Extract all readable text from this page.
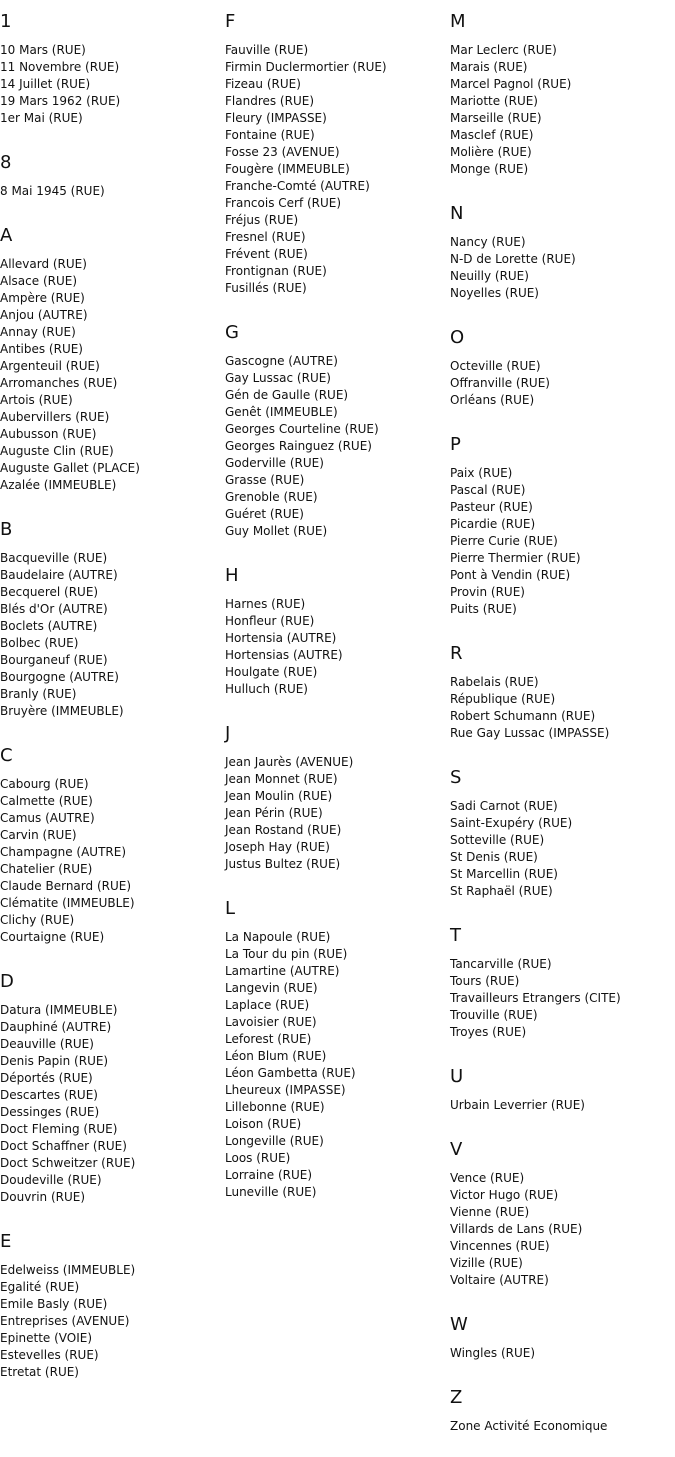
1
10 Mars (RUE)
11 Novembre (RUE)
14 Juillet (RUE)
19 Mars 1962 (RUE)
1er Mai (RUE)
8
8 Mai 1945 (RUE)
A
Allevard (RUE)
Alsace (RUE)
Ampère (RUE)
Anjou (AUTRE)
Annay (RUE)
Antibes (RUE)
Argenteuil (RUE)
Arromanches (RUE)
Artois (RUE)
Aubervillers (RUE)
Aubusson (RUE)
Auguste Clin (RUE)
Auguste Gallet (PLACE)
Azalée (IMMEUBLE)
B
Bacqueville (RUE)
Baudelaire (AUTRE)
Becquerel (RUE)
Blés d'Or (AUTRE)
Boclets (AUTRE)
Bolbec (RUE)
Bourganeuf (RUE)
Bourgogne (AUTRE)
Branly (RUE)
Bruyère (IMMEUBLE)
C
Cabourg (RUE)
Calmette (RUE)
Camus (AUTRE)
Carvin (RUE)
Champagne (AUTRE)
Chatelier (RUE)
Claude Bernard (RUE)
Clématite (IMMEUBLE)
Clichy (RUE)
Courtaigne (RUE)
D
Datura (IMMEUBLE)
Dauphiné (AUTRE)
Deauville (RUE)
Denis Papin (RUE)
Déportés (RUE)
Descartes (RUE)
Dessinges (RUE)
Doct Fleming (RUE)
Doct Schaffner (RUE)
Doct Schweitzer (RUE)
Doudeville (RUE)
Douvrin (RUE)
E
Edelweiss (IMMEUBLE)
Egalité (RUE)
Emile Basly (RUE)
Entreprises (AVENUE)
Epinette (VOIE)
Estevelles (RUE)
Etretat (RUE)
F
Fauville (RUE)
Firmin Duclermortier (RUE)
Fizeau (RUE)
Flandres (RUE)
Fleury (IMPASSE)
Fontaine (RUE)
Fosse 23 (AVENUE)
Fougère (IMMEUBLE)
Franche-Comté (AUTRE)
Francois Cerf (RUE)
Fréjus (RUE)
Fresnel (RUE)
Frévent (RUE)
Frontignan (RUE)
Fusillés (RUE)
G
Gascogne (AUTRE)
Gay Lussac (RUE)
Gén de Gaulle (RUE)
Genêt (IMMEUBLE)
Georges Courteline (RUE)
Georges Rainguez (RUE)
Goderville (RUE)
Grasse (RUE)
Grenoble (RUE)
Guéret (RUE)
Guy Mollet (RUE)
H
Harnes (RUE)
Honfleur (RUE)
Hortensia (AUTRE)
Hortensias (AUTRE)
Houlgate (RUE)
Hulluch (RUE)
J
Jean Jaurès (AVENUE)
Jean Monnet (RUE)
Jean Moulin (RUE)
Jean Périn (RUE)
Jean Rostand (RUE)
Joseph Hay (RUE)
Justus Bultez (RUE)
L
La Napoule (RUE)
La Tour du pin (RUE)
Lamartine (AUTRE)
Langevin (RUE)
Laplace (RUE)
Lavoisier (RUE)
Leforest (RUE)
Léon Blum (RUE)
Léon Gambetta (RUE)
Lheureux (IMPASSE)
Lillebonne (RUE)
Loison (RUE)
Longeville (RUE)
Loos (RUE)
Lorraine (RUE)
Luneville (RUE)
M
Mar Leclerc (RUE)
Marais (RUE)
Marcel Pagnol (RUE)
Mariotte (RUE)
Marseille (RUE)
Masclef (RUE)
Molière (RUE)
Monge (RUE)
N
Nancy (RUE)
N-D de Lorette (RUE)
Neuilly (RUE)
Noyelles (RUE)
O
Octeville (RUE)
Offranville (RUE)
Orléans (RUE)
P
Paix (RUE)
Pascal (RUE)
Pasteur (RUE)
Picardie (RUE)
Pierre Curie (RUE)
Pierre Thermier (RUE)
Pont à Vendin (RUE)
Provin (RUE)
Puits (RUE)
R
Rabelais (RUE)
République (RUE)
Robert Schumann (RUE)
Rue Gay Lussac (IMPASSE)
S
Sadi Carnot (RUE)
Saint-Exupéry (RUE)
Sotteville (RUE)
St Denis (RUE)
St Marcellin (RUE)
St Raphaël (RUE)
T
Tancarville (RUE)
Tours (RUE)
Travailleurs Etrangers (CITE)
Trouville (RUE)
Troyes (RUE)
U
Urbain Leverrier (RUE)
V
Vence (RUE)
Victor Hugo (RUE)
Vienne (RUE)
Villards de Lans (RUE)
Vincennes (RUE)
Vizille (RUE)
Voltaire (AUTRE)
W
Wingles (RUE)
Z
Zone Activité Economique
